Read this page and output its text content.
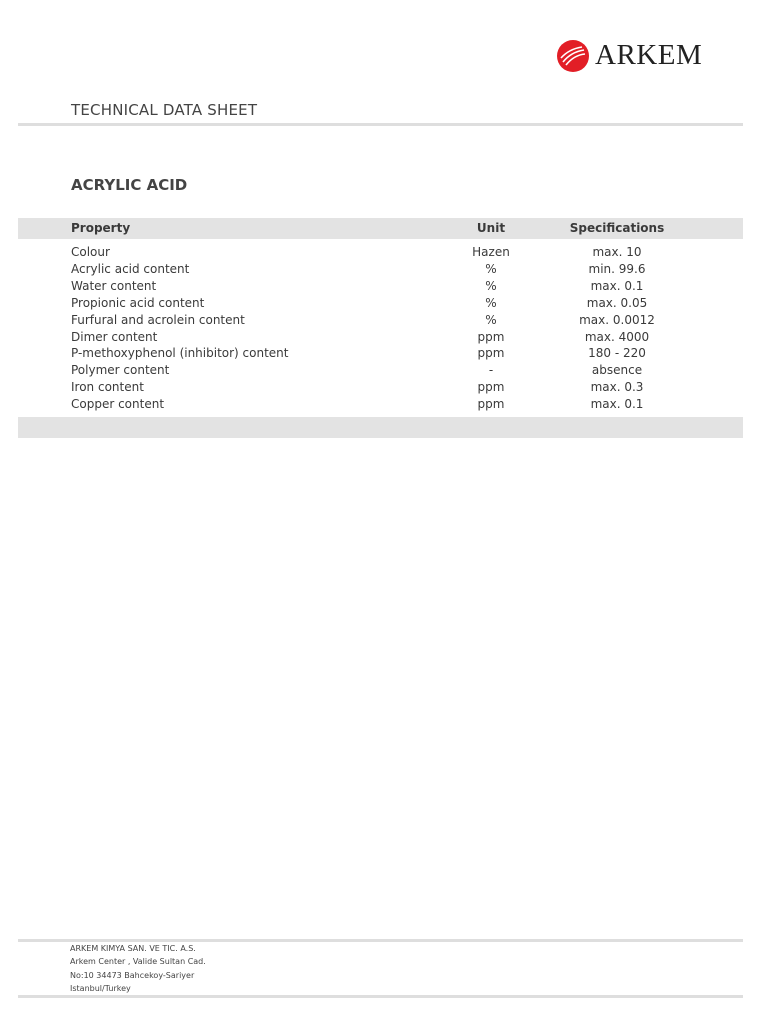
ARKEM
TECHNICAL DATA SHEET
ACRYLIC ACID
Property	Unit	Specifications
Colour	Hazen	max. 10
Acrylic acid content	%	min. 99.6
Water content	%	max. 0.1
Propionic acid content	%	max. 0.05
Furfural and acrolein content	%	max. 0.0012
Dimer content	ppm	max. 4000
P-methoxyphenol (inhibitor) content	ppm	180 - 220
Polymer content	-	absence
Iron content	ppm	max. 0.3
Copper content	ppm	max. 0.1
ARKEM KIMYA SAN. VE TIC. A.S.
Arkem Center , Valide Sultan Cad.
No:10 34473 Bahcekoy-Sariyer
Istanbul/Turkey
